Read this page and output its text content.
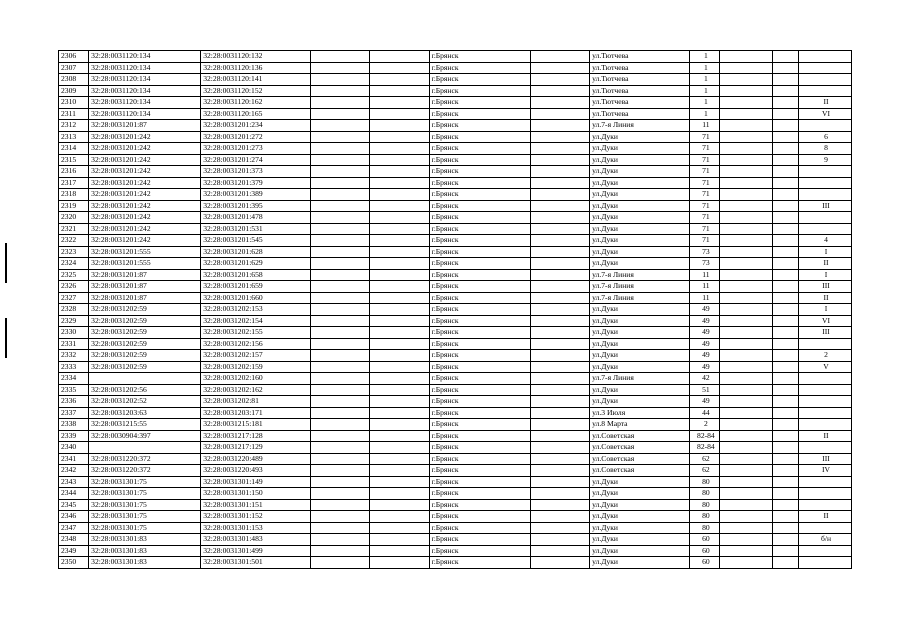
2306	32:28:0031120:134	32:28:0031120:132			г.Брянск		ул.Тютчева	1			
2307	32:28:0031120:134	32:28:0031120:136			г.Брянск		ул.Тютчева	1			
2308	32:28:0031120:134	32:28:0031120:141			г.Брянск		ул.Тютчева	1			
2309	32:28:0031120:134	32:28:0031120:152			г.Брянск		ул.Тютчева	1			
2310	32:28:0031120:134	32:28:0031120:162			г.Брянск		ул.Тютчева	1			II
2311	32:28:0031120:134	32:28:0031120:165			г.Брянск		ул.Тютчева	1			VI
2312	32:28:0031201:87	32:28:0031201:234			г.Брянск		ул.7-я Линия	11			
2313	32:28:0031201:242	32:28:0031201:272			г.Брянск		ул.Дуки	71			6
2314	32:28:0031201:242	32:28:0031201:273			г.Брянск		ул.Дуки	71			8
2315	32:28:0031201:242	32:28:0031201:274			г.Брянск		ул.Дуки	71			9
2316	32:28:0031201:242	32:28:0031201:373			г.Брянск		ул.Дуки	71			
2317	32:28:0031201:242	32:28:0031201:379			г.Брянск		ул.Дуки	71			
2318	32:28:0031201:242	32:28:0031201:389			г.Брянск		ул.Дуки	71			
2319	32:28:0031201:242	32:28:0031201:395			г.Брянск		ул.Дуки	71			III
2320	32:28:0031201:242	32:28:0031201:478			г.Брянск		ул.Дуки	71			
2321	32:28:0031201:242	32:28:0031201:531			г.Брянск		ул.Дуки	71			
2322	32:28:0031201:242	32:28:0031201:545			г.Брянск		ул.Дуки	71			4
2323	32:28:0031201:555	32:28:0031201:628			г.Брянск		ул.Дуки	73			I
2324	32:28:0031201:555	32:28:0031201:629			г.Брянск		ул.Дуки	73			II
2325	32:28:0031201:87	32:28:0031201:658			г.Брянск		ул.7-я Линия	11			I
2326	32:28:0031201:87	32:28:0031201:659			г.Брянск		ул.7-я Линия	11			III
2327	32:28:0031201:87	32:28:0031201:660			г.Брянск		ул.7-я Линия	11			II
2328	32:28:0031202:59	32:28:0031202:153			г.Брянск		ул.Дуки	49			I
2329	32:28:0031202:59	32:28:0031202:154			г.Брянск		ул.Дуки	49			VI
2330	32:28:0031202:59	32:28:0031202:155			г.Брянск		ул.Дуки	49			III
2331	32:28:0031202:59	32:28:0031202:156			г.Брянск		ул.Дуки	49			
2332	32:28:0031202:59	32:28:0031202:157			г.Брянск		ул.Дуки	49			2
2333	32:28:0031202:59	32:28:0031202:159			г.Брянск		ул.Дуки	49			V
2334		32:28:0031202:160			г.Брянск		ул.7-я Линия	42			
2335	32:28:0031202:56	32:28:0031202:162			г.Брянск		ул.Дуки	51			
2336	32:28:0031202:52	32:28:0031202:81			г.Брянск		ул.Дуки	49			
2337	32:28:0031203:63	32:28:0031203:171			г.Брянск		ул.3 Июля	44			
2338	32:28:0031215:55	32:28:0031215:181			г.Брянск		ул.8 Марта	2			
2339	32:28:0030904:397	32:28:0031217:128			г.Брянск		ул.Советская	82-84			II
2340		32:28:0031217:129			г.Брянск		ул.Советская	82-84			
2341	32:28:0031220:372	32:28:0031220:489			г.Брянск		ул.Советская	62			III
2342	32:28:0031220:372	32:28:0031220:493			г.Брянск		ул.Советская	62			IV
2343	32:28:0031301:75	32:28:0031301:149			г.Брянск		ул.Дуки	80			
2344	32:28:0031301:75	32:28:0031301:150			г.Брянск		ул.Дуки	80			
2345	32:28:0031301:75	32:28:0031301:151			г.Брянск		ул.Дуки	80			
2346	32:28:0031301:75	32:28:0031301:152			г.Брянск		ул.Дуки	80			II
2347	32:28:0031301:75	32:28:0031301:153			г.Брянск		ул.Дуки	80			
2348	32:28:0031301:83	32:28:0031301:483			г.Брянск		ул.Дуки	60			б/н
2349	32:28:0031301:83	32:28:0031301:499			г.Брянск		ул.Дуки	60			
2350	32:28:0031301:83	32:28:0031301:501			г.Брянск		ул.Дуки	60			
